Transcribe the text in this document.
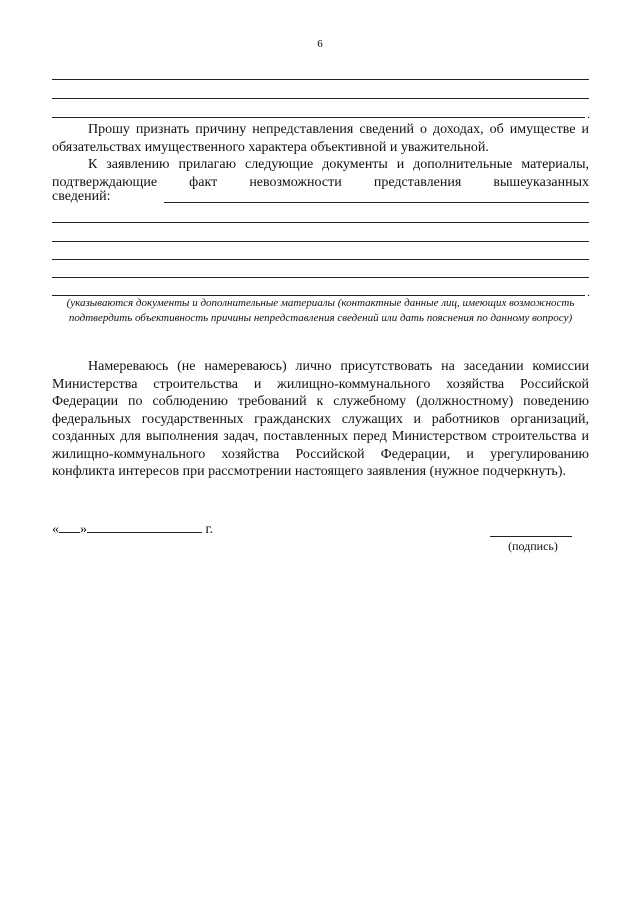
6
.

Прошу признать причину непредставления сведений о доходах, об имуществе и обязательствах имущественного характера объективной и уважительной.

К заявлению прилагаю следующие документы и дополнительные материалы, подтверждающие факт невозможности представления вышеуказанных

сведений:
.
(указываются документы и дополнительные материалы (контактные данные лиц, имеющих возможность подтвердить объективность причины непредставления сведений или дать пояснения по данному вопросу)

Намереваюсь (не намереваюсь) лично присутствовать на заседании комиссии Министерства строительства и жилищно-коммунального хозяйства Российской Федерации по соблюдению требований к служебному (должностному) поведению федеральных государственных гражданских служащих и работников организаций, созданных для выполнения задач, поставленных перед Министерством строительства и жилищно-коммунального хозяйства Российской Федерации, и урегулированию конфликта интересов при рассмотрении настоящего заявления (нужное подчеркнуть).

« »	г.
(подпись)
